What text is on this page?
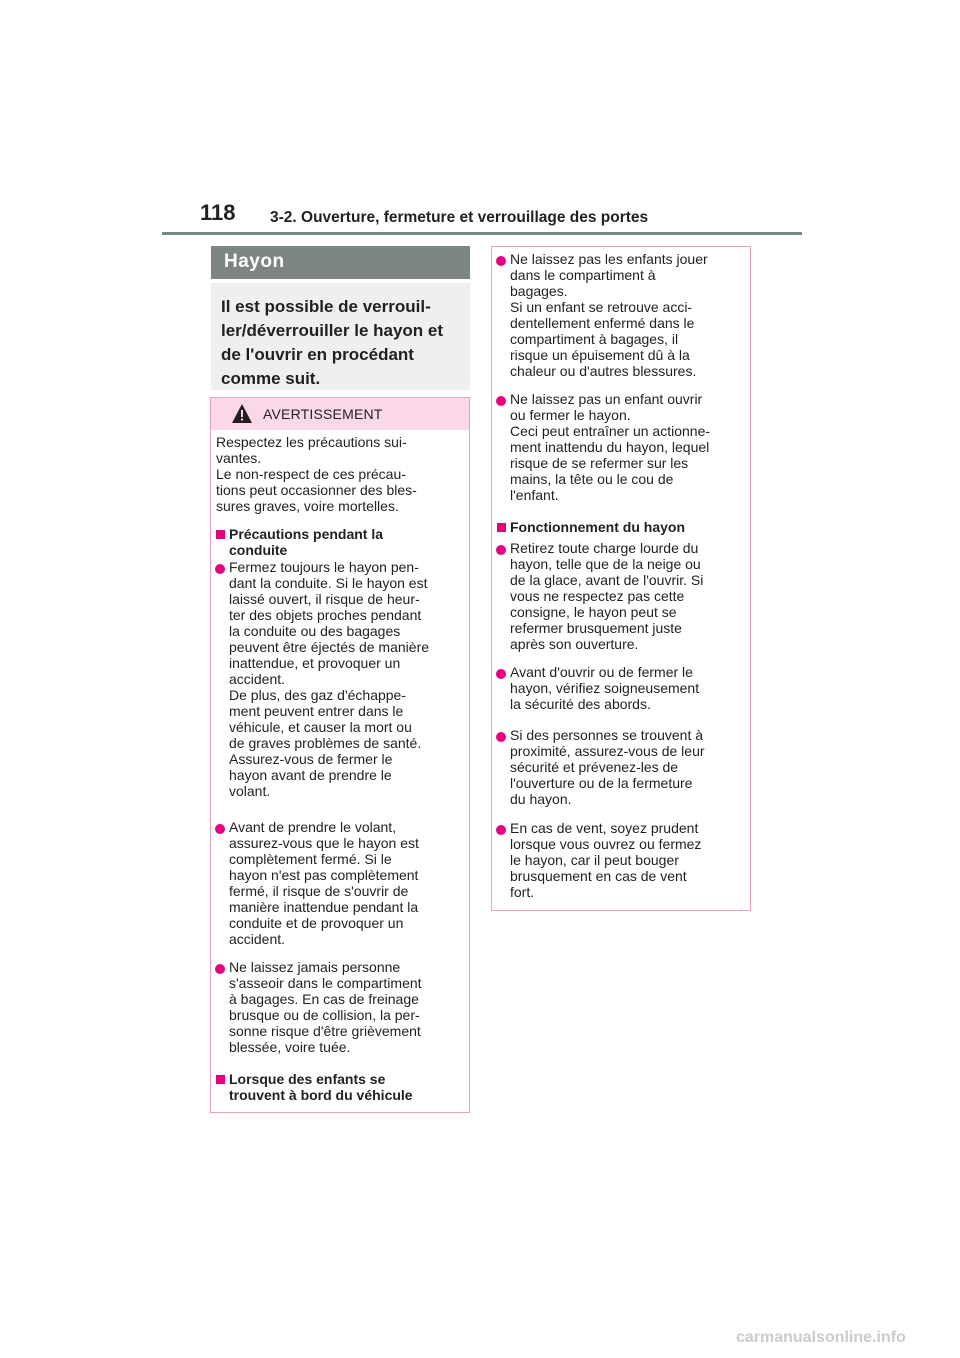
118 3-2. Ouverture, fermeture et verrouillage des portes
Hayon

Il est possible de verrouil-
ler/déverrouiller le hayon et
de l'ouvrir en procédant
comme suit.

AVERTISSEMENT

Respectez les précautions sui-
vantes.
Le non-respect de ces précau-
tions peut occasionner des bles-
sures graves, voire mortelles.

Précautions pendant la
conduite

Fermez toujours le hayon pen-
dant la conduite. Si le hayon est
laissé ouvert, il risque de heur-
ter des objets proches pendant
la conduite ou des bagages
peuvent être éjectés de manière
inattendue, et provoquer un
accident.
De plus, des gaz d'échappe-
ment peuvent entrer dans le
véhicule, et causer la mort ou
de graves problèmes de santé.
Assurez-vous de fermer le
hayon avant de prendre le
volant.

Avant de prendre le volant,
assurez-vous que le hayon est
complètement fermé. Si le
hayon n'est pas complètement
fermé, il risque de s'ouvrir de
manière inattendue pendant la
conduite et de provoquer un
accident.

Ne laissez jamais personne
s'asseoir dans le compartiment
à bagages. En cas de freinage
brusque ou de collision, la per-
sonne risque d'être grièvement
blessée, voire tuée.

Lorsque des enfants se
trouvent à bord du véhicule

Ne laissez pas les enfants jouer
dans le compartiment à
bagages.
Si un enfant se retrouve acci-
dentellement enfermé dans le
compartiment à bagages, il
risque un épuisement dû à la
chaleur ou d'autres blessures.

Ne laissez pas un enfant ouvrir
ou fermer le hayon.
Ceci peut entraîner un actionne-
ment inattendu du hayon, lequel
risque de se refermer sur les
mains, la tête ou le cou de
l'enfant.

Fonctionnement du hayon

Retirez toute charge lourde du
hayon, telle que de la neige ou
de la glace, avant de l'ouvrir. Si
vous ne respectez pas cette
consigne, le hayon peut se
refermer brusquement juste
après son ouverture.

Avant d'ouvrir ou de fermer le
hayon, vérifiez soigneusement
la sécurité des abords.

Si des personnes se trouvent à
proximité, assurez-vous de leur
sécurité et prévenez-les de
l'ouverture ou de la fermeture
du hayon.

En cas de vent, soyez prudent
lorsque vous ouvrez ou fermez
le hayon, car il peut bouger
brusquement en cas de vent
fort.

carmanualsonline.info
